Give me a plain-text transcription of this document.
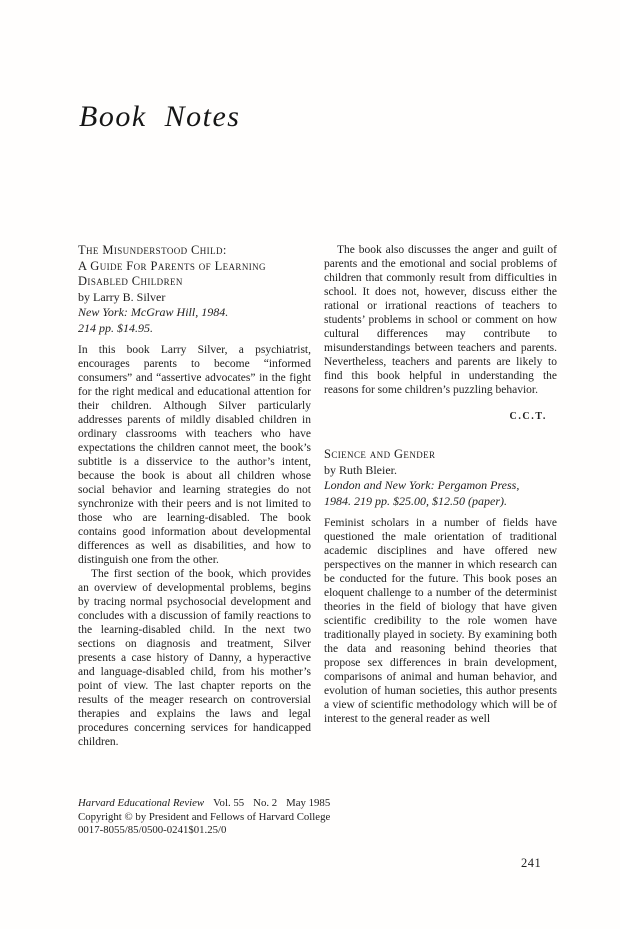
Book Notes
The Misunderstood Child:
A Guide For Parents of Learning
Disabled Children
by Larry B. Silver
New York: McGraw Hill, 1984.
214 pp. $14.95.

In this book Larry Silver, a psychiatrist, encourages parents to become “informed consumers” and “assertive advocates” in the fight for the right medical and educational attention for their children. Although Silver particularly addresses parents of mildly disabled children in ordinary classrooms with teachers who have expectations the children cannot meet, the book’s subtitle is a disservice to the author’s intent, because the book is about all children whose social behavior and learning strategies do not synchronize with their peers and is not limited to those who are learning-disabled. The book contains good information about developmental differences as well as disabilities, and how to distinguish one from the other.

The first section of the book, which provides an overview of developmental problems, begins by tracing normal psychosocial development and concludes with a discussion of family reactions to the learning-disabled child. In the next two sections on diagnosis and treatment, Silver presents a case history of Danny, a hyperactive and language-disabled child, from his mother’s point of view. The last chapter reports on the results of the meager research on controversial therapies and explains the laws and legal procedures concerning services for handicapped children.

The book also discusses the anger and guilt of parents and the emotional and social problems of children that commonly result from difficulties in school. It does not, however, discuss either the rational or irrational reactions of teachers to students’ problems in school or comment on how cultural differences may contribute to misunderstandings between teachers and parents. Nevertheless, teachers and parents are likely to find this book helpful in understanding the reasons for some children’s puzzling behavior.

C.C.T.
Science and Gender
by Ruth Bleier.
London and New York: Pergamon Press,
1984. 219 pp. $25.00, $12.50 (paper).

Feminist scholars in a number of fields have questioned the male orientation of traditional academic disciplines and have offered new perspectives on the manner in which research can be conducted for the future. This book poses an eloquent challenge to a number of the determinist theories in the field of biology that have given scientific credibility to the role women have traditionally played in society. By examining both the data and reasoning behind theories that propose sex differences in brain development, comparisons of animal and human behavior, and evolution of human societies, this author presents a view of scientific methodology which will be of interest to the general reader as well

Harvard Educational Review Vol. 55 No. 2 May 1985
Copyright © by President and Fellows of Harvard College
0017-8055/85/0500-0241$01.25/0
241
